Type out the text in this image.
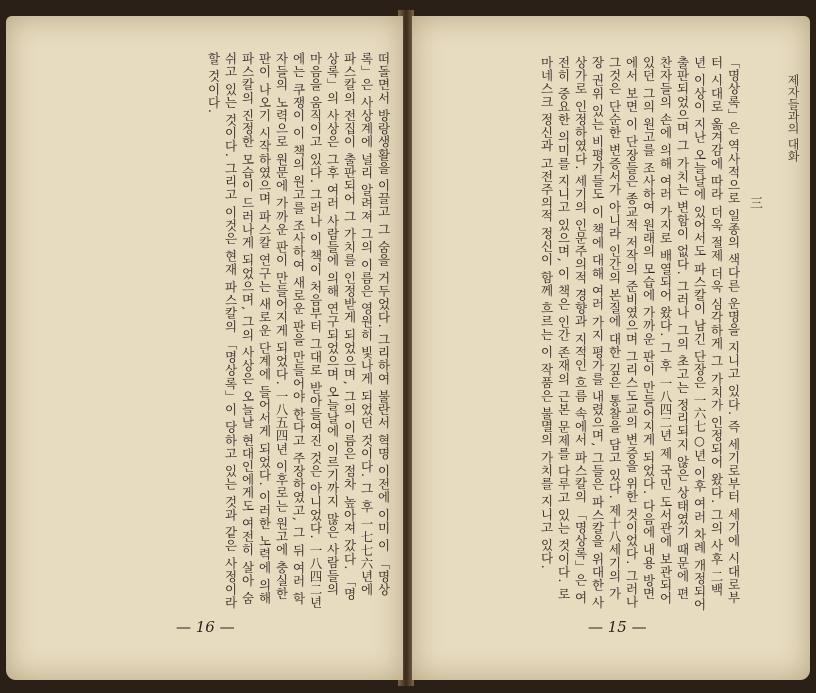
떠돌면서 방랑생활을 이끌고 그 숨을 거두었다. 그리하여 불란서 혁명 이전에 이미 이 「명상록」은 사상계에 널리 알려져 그의 이름은 영원히 빛나게 되었던 것이다. 그 후 一七七六년에 파스칼의 전집이 출판되어 그 가치를 인정받게 되었으며, 그의 이름은 점차 높아져 갔다. 「명상록」의 사상은 그후 여러 사람들에 의해 연구되었으며 오늘날에 이르기까지 많은 사람들의 마음을 움직이고 있다. 그러나 이 책이 처음부터 그대로 받아들여진 것은 아니었다. 一八四二년에는 쿠쟁이 이 책의 원고를 조사하여 새로운 판을 만들어야 한다고 주장하였고, 그 뒤 여러 학자들의 노력으로 원문에 가까운 판이 만들어지게 되었다. 一八五四년 이후로는 원고에 충실한 판이 나오기 시작하였으며 파스칼 연구는 새로운 단계에 들어서게 되었다. 이러한 노력에 의해 파스칼의 진정한 모습이 드러나게 되었으며, 그의 사상은 오늘날 현대인에게도 여전히 살아 숨쉬고 있는 것이다. 그리고 이것은 현재 파스칼의 「명상록」이 당하고 있는 것과 같은 사정이라 할 것이다.
— 16 —
제자들과의 대화
三
「명상록」은 역사적으로 일종의 색다른 운명을 지니고 있다. 즉 세기로부터 세기에 시대로부터 시대로 옮겨감에 따라 더욱 절제 더욱 심각하게 그 가치가 인정되어 왔다. 그의 사후 二백 년 이상이 지난 오늘날에 있어서도 파스칼이 남긴 단장은 一六七○년 이후 여러 차례 개정되어 출판되었으며 그 가치는 변함이 없다. 그러나 그의 초고는 정리되지 않은 상태였기 때문에 편찬자들의 손에 의해 여러 가지로 배열되어 왔다. 그 후 一八四二년 제 국민 도서관에 보관되어 있던 그의 원고를 조사하여 원래의 모습에 가까운 판이 만들어지게 되었다. 다음에 내용 방면에서 보면 이 단장들은 종교적 저작의 준비였으며 그리스도교의 변증을 위한 것이었다. 그러나 그것은 단순한 변증서가 아니라 인간의 본질에 대한 깊은 통찰을 담고 있다. 제十八세기의 가장 권위 있는 비평가들도 이 책에 대해 여러 가지 평가를 내렸으며, 그들은 파스칼을 위대한 사상가로 인정하였다. 세기의 인문주의적 경향과 지적인 흐름 속에서 파스칼의 「명상록」은 여전히 중요한 의미를 지니고 있으며, 이 책은 인간 존재의 근본 문제를 다루고 있는 것이다. 로마네스크 정신과 고전주의적 정신이 함께 흐르는 이 작품은 불멸의 가치를 지니고 있다.
— 15 —
